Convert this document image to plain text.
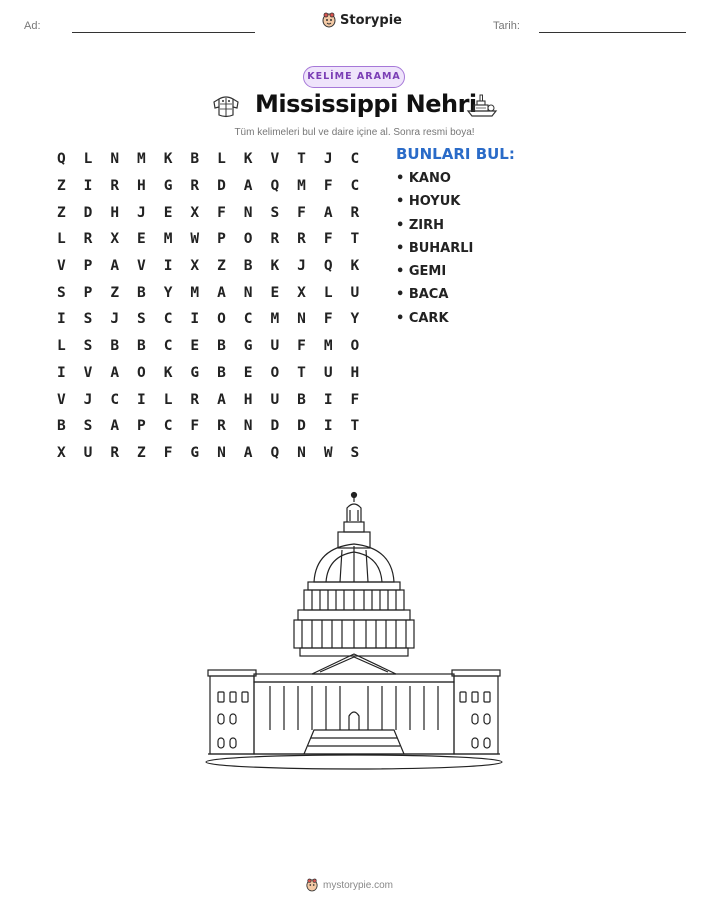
Ad:	Storypie	Tarih:
KELİME ARAMA
Mississippi Nehri
Tüm kelimeleri bul ve daire içine al. Sonra resmi boya!
Q	L	N	M	K	B	L	K	V	T	J	C
Z	I	R	H	G	R	D	A	Q	M	F	C
Z	D	H	J	E	X	F	N	S	F	A	R
L	R	X	E	M	W	P	O	R	R	F	T
V	P	A	V	I	X	Z	B	K	J	Q	K
S	P	Z	B	Y	M	A	N	E	X	L	U
I	S	J	S	C	I	O	C	M	N	F	Y
L	S	B	B	C	E	B	G	U	F	M	O
I	V	A	O	K	G	B	E	O	T	U	H
V	J	C	I	L	R	A	H	U	B	I	F
B	S	A	P	C	F	R	N	D	D	I	T
X	U	R	Z	F	G	N	A	Q	N	W	S
BUNLARI BUL:
• KANO
• HOYUK
• ZIRH
• BUHARLI
• GEMI
• BACA
• CARK
mystorypie.com
